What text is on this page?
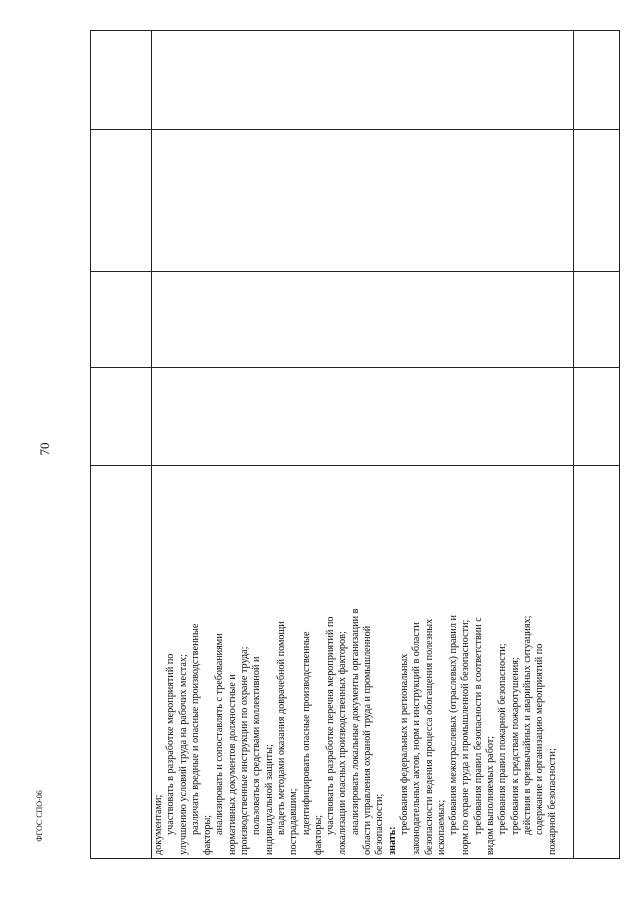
70
ФГОС СПО-06	документами; участвовать в разработке мероприятий по улучшению условий труда на рабочих местах; различать вредные и опасные производственные факторы; анализировать и сопоставлять с требованиями нормативных документов должностные и производственные инструкции по охране труда; пользоваться средствами коллективной и индивидуальной защиты; владеть методами оказания доврачебной помощи пострадавшим; идентифицировать опасные производственные факторы; участвовать в разработке перечня мероприятий по локализации опасных производственных факторов; анализировать локальные документы организации в области управления охраной труда и промышленной безопасности; знать:
требования федеральных и региональных законодательных актов, норм и инструкций в области безопасности ведения процесса обогащения полезных ископаемых; требования межотраслевых (отраслевых) правил и норм по охране труда и промышленной безопасности; требования правил безопасности в соответствии с видом выполняемых работ; требования правил пожарной безопасности; требования к средствам пожаротушения; действия в чрезвычайных и аварийных ситуациях; содержание и организацию мероприятий по пожарной безопасности;
